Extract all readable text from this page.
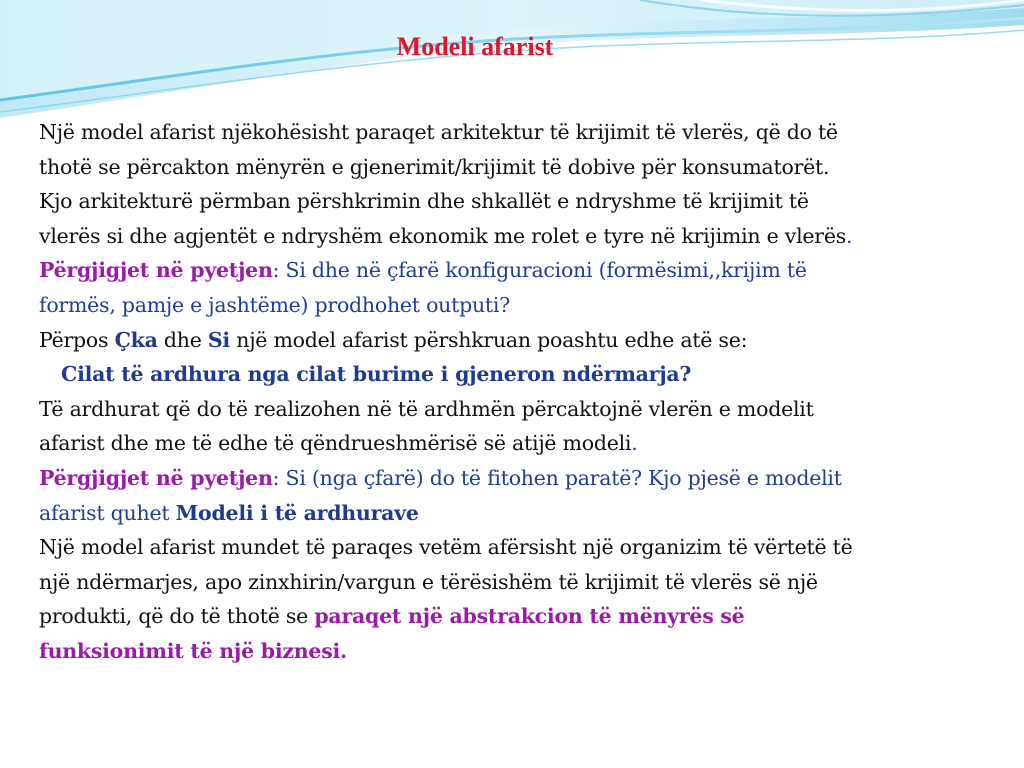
Modeli afarist
Një model afarist njëkohësisht paraqet arkitektur të krijimit të vlerës, që do të
thotë se përcakton mënyrën e gjenerimit/krijimit të dobive për konsumatorët.
Kjo arkitekturë përmban përshkrimin dhe shkallët e ndryshme të krijimit të
vlerës si dhe agjentët e ndryshëm ekonomik me rolet e tyre në krijimin e vlerës.
Përgjigjet në pyetjen: Si dhe në çfarë konfiguracioni (formësimi,,krijim të
formës, pamje e jashtëme) prodhohet outputi?
Përpos Çka dhe Si një model afarist përshkruan poashtu edhe atë se:
Cilat të ardhura nga cilat burime i gjeneron ndërmarja?
Të ardhurat që do të realizohen në të ardhmën përcaktojnë vlerën e modelit
afarist dhe me të edhe të qëndrueshmërisë së atijë modeli.
Përgjigjet në pyetjen: Si (nga çfarë) do të fitohen paratë? Kjo pjesë e modelit
afarist quhet Modeli i të ardhurave
Një model afarist mundet të paraqes vetëm afërsisht një organizim të vërtetë të
një ndërmarjes, apo zinxhirin/vargun e tërësishëm të krijimit të vlerës së një
produkti, që do të thotë se paraqet një abstrakcion të mënyrës së
funksionimit të një biznesi.
